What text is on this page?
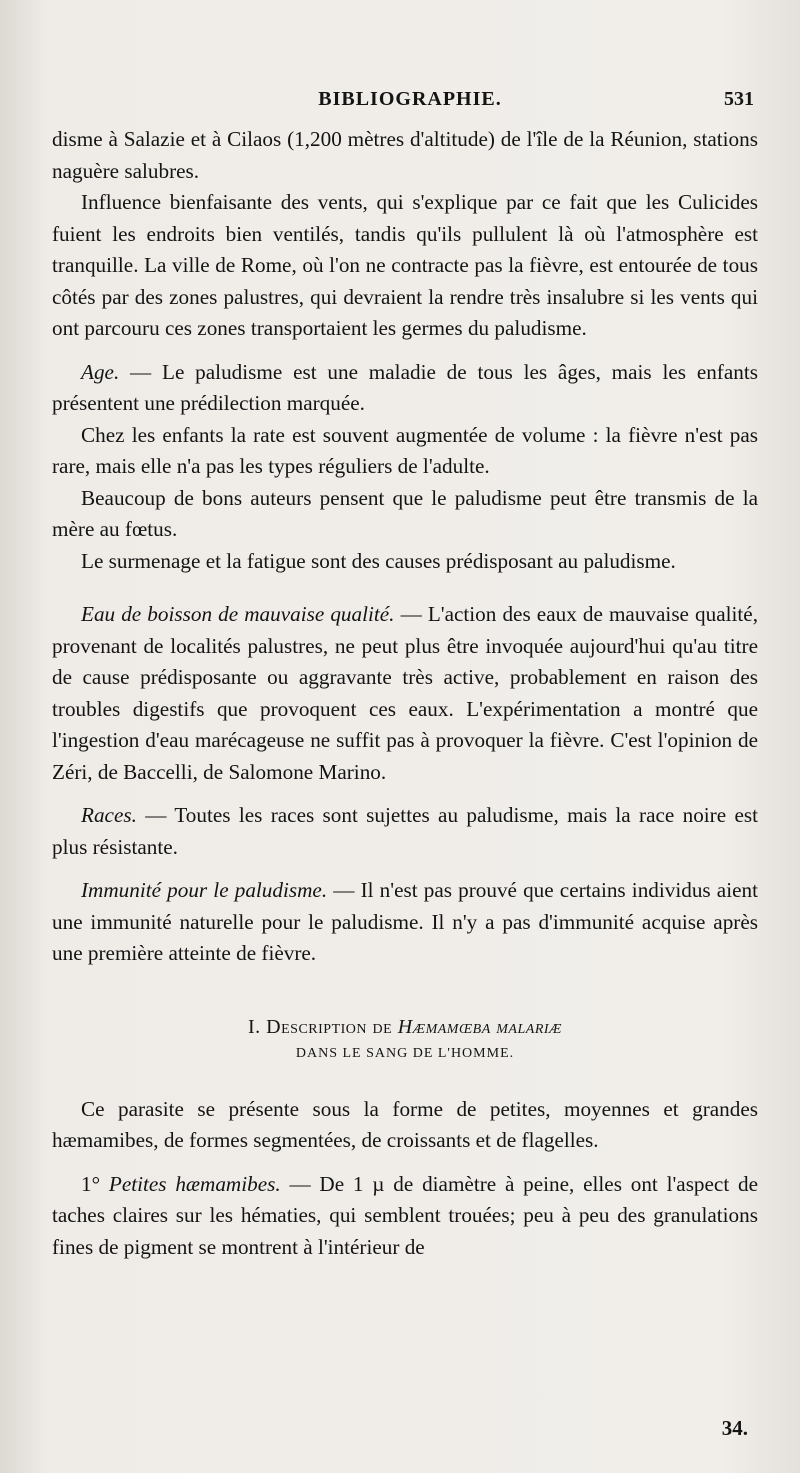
BIBLIOGRAPHIE.	531

disme à Salazie et à Cilaos (1,200 mètres d'altitude) de l'île de la Réunion, stations naguère salubres.

Influence bienfaisante des vents, qui s'explique par ce fait que les Culicides fuient les endroits bien ventilés, tandis qu'ils pullulent là où l'atmosphère est tranquille. La ville de Rome, où l'on ne contracte pas la fièvre, est entourée de tous côtés par des zones palustres, qui devraient la rendre très insalubre si les vents qui ont parcouru ces zones transportaient les germes du paludisme.

Age. — Le paludisme est une maladie de tous les âges, mais les enfants présentent une prédilection marquée.

Chez les enfants la rate est souvent augmentée de volume : la fièvre n'est pas rare, mais elle n'a pas les types réguliers de l'adulte.

Beaucoup de bons auteurs pensent que le paludisme peut être transmis de la mère au fœtus.

Le surmenage et la fatigue sont des causes prédisposant au paludisme.

Eau de boisson de mauvaise qualité. — L'action des eaux de mauvaise qualité, provenant de localités palustres, ne peut plus être invoquée aujourd'hui qu'au titre de cause prédisposante ou aggravante très active, probablement en raison des troubles digestifs que provoquent ces eaux. L'expérimentation a montré que l'ingestion d'eau marécageuse ne suffit pas à provoquer la fièvre. C'est l'opinion de Zéri, de Baccelli, de Salomone Marino.

Races. — Toutes les races sont sujettes au paludisme, mais la race noire est plus résistante.

Immunité pour le paludisme. — Il n'est pas prouvé que certains individus aient une immunité naturelle pour le paludisme. Il n'y a pas d'immunité acquise après une première atteinte de fièvre.

I. Description de Hæmamœba malariæ

DANS LE SANG DE L'HOMME.

Ce parasite se présente sous la forme de petites, moyennes et grandes hæmamibes, de formes segmentées, de croissants et de flagelles.

1° Petites hæmamibes. — De 1 µ de diamètre à peine, elles ont l'aspect de taches claires sur les hématies, qui semblent trouées; peu à peu des granulations fines de pigment se montrent à l'intérieur de

34.
